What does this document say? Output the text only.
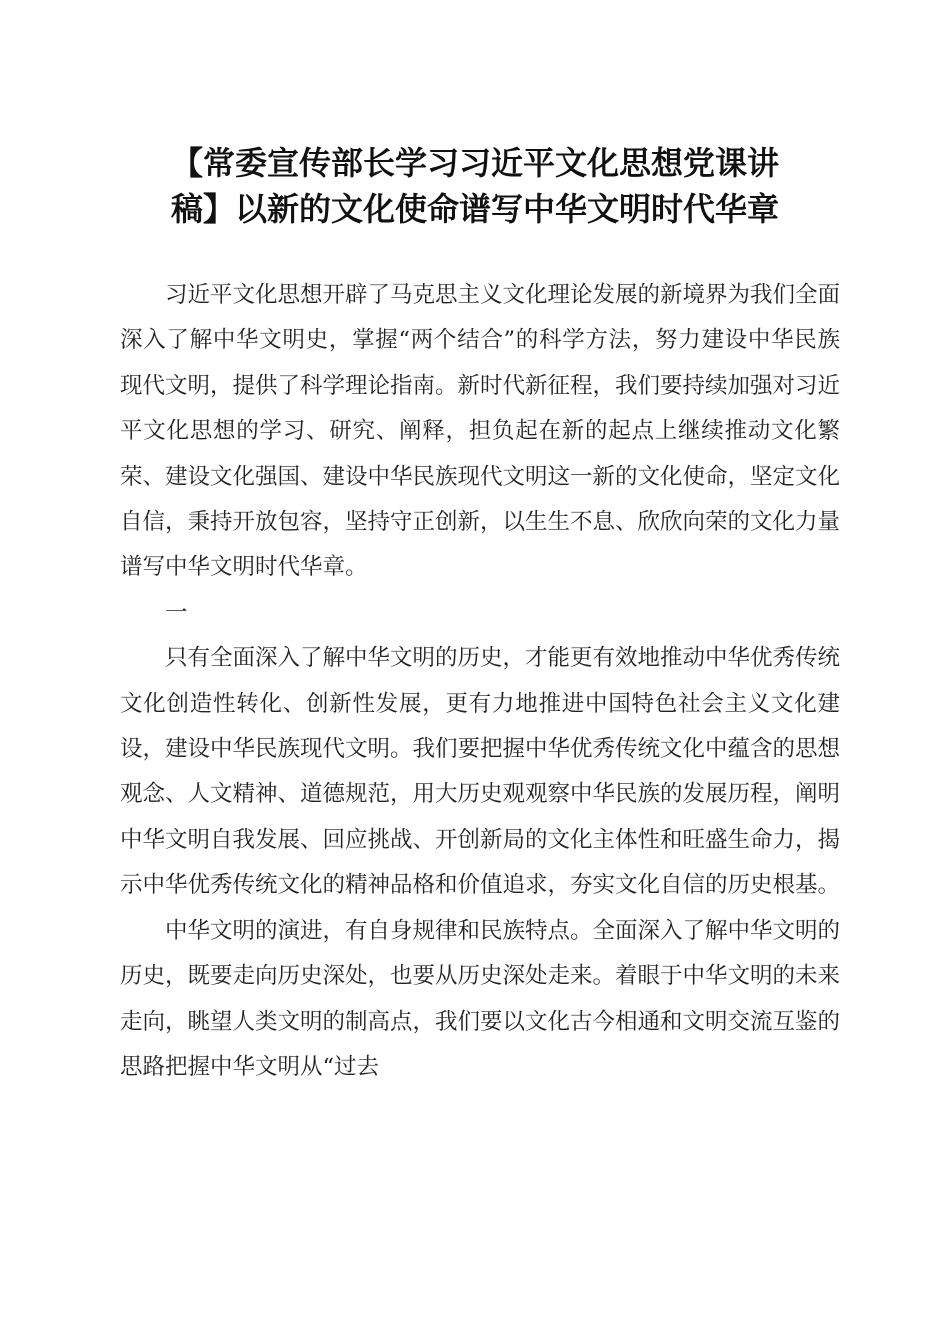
【常委宣传部长学习习近平文化思想党课讲
稿】以新的文化使命谱写中华文明时代华章

习近平文化思想开辟了马克思主义文化理论发展的新境界为我们全面深入了解中华文明史，掌握“两个结合”的科学方法，努力建设中华民族现代文明，提供了科学理论指南。新时代新征程，我们要持续加强对习近平文化思想的学习、研究、阐释，担负起在新的起点上继续推动文化繁荣、建设文化强国、建设中华民族现代文明这一新的文化使命，坚定文化自信，秉持开放包容，坚持守正创新，以生生不息、欣欣向荣的文化力量谱写中华文明时代华章。

一

只有全面深入了解中华文明的历史，才能更有效地推动中华优秀传统文化创造性转化、创新性发展，更有力地推进中国特色社会主义文化建设，建设中华民族现代文明。我们要把握中华优秀传统文化中蕴含的思想观念、人文精神、道德规范，用大历史观观察中华民族的发展历程，阐明中华文明自我发展、回应挑战、开创新局的文化主体性和旺盛生命力，揭示中华优秀传统文化的精神品格和价值追求，夯实文化自信的历史根基。

中华文明的演进，有自身规律和民族特点。全面深入了解中华文明的历史，既要走向历史深处，也要从历史深处走来。着眼于中华文明的未来走向，眺望人类文明的制高点，我们要以文化古今相通和文明交流互鉴的思路把握中华文明从“过去
